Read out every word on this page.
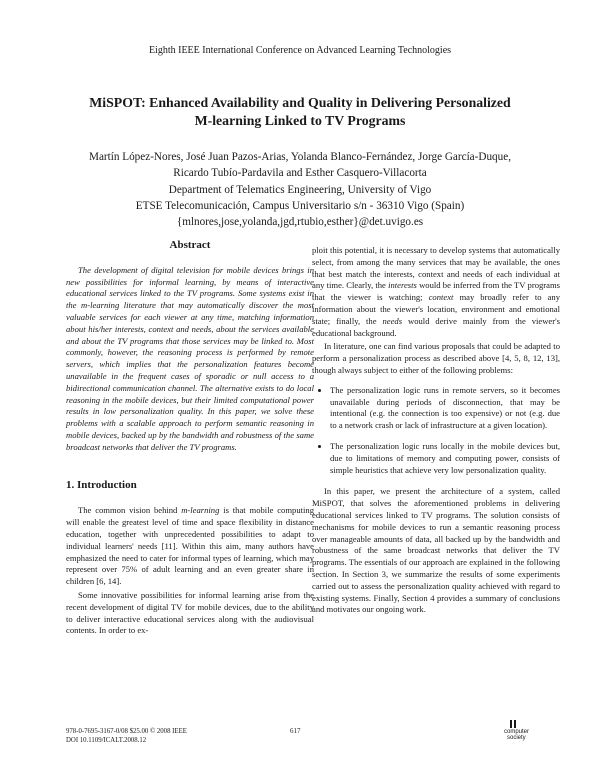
Eighth IEEE International Conference on Advanced Learning Technologies
MiSPOT: Enhanced Availability and Quality in Delivering Personalized
M-learning Linked to TV Programs
Martín López-Nores, José Juan Pazos-Arias, Yolanda Blanco-Fernández, Jorge García-Duque,
Ricardo Tubío-Pardavila and Esther Casquero-Villacorta
Department of Telematics Engineering, University of Vigo
ETSE Telecomunicación, Campus Universitario s/n - 36310 Vigo (Spain)
{mlnores,jose,yolanda,jgd,rtubio,esther}@det.uvigo.es
Abstract

The development of digital television for mobile devices brings in new possibilities for informal learning, by means of interactive educational services linked to the TV programs. Some systems exist in the m-learning literature that may automatically discover the most valuable services for each viewer at any time, matching information about his/her interests, context and needs, about the services available and about the TV programs that those services may be linked to. Most commonly, however, the reasoning process is performed by remote servers, which implies that the personalization features become unavailable in the frequent cases of sporadic or null access to a bidirectional communication channel. The alternative exists to do local reasoning in the mobile devices, but their limited computational power results in low personalization quality. In this paper, we solve these problems with a scalable approach to perform semantic reasoning in mobile devices, backed up by the bandwidth and robustness of the same broadcast networks that deliver the TV programs.

1. Introduction

The common vision behind m-learning is that mobile computing will enable the greatest level of time and space flexibility in distance education, together with unprecedented possibilities to adapt to individual learners' needs [11]. Within this aim, many authors have emphasized the need to cater for informal types of learning, which may represent over 75% of adult learning and an even greater share in children [6, 14].

Some innovative possibilities for informal learning arise from the recent development of digital TV for mobile devices, due to the ability to deliver interactive educational services along with the audiovisual contents. In order to ex-

ploit this potential, it is necessary to develop systems that automatically select, from among the many services that may be available, the ones that best match the interests, context and needs of each individual at any time. Clearly, the interests would be inferred from the TV programs that the viewer is watching; context may broadly refer to any information about the viewer's location, environment and emotional state; finally, the needs would derive mainly from the viewer's educational background.

In literature, one can find various proposals that could be adapted to perform a personalization process as described above [4, 5, 8, 12, 13], though always subject to either of the following problems:

• The personalization logic runs in remote servers, so it becomes unavailable during periods of disconnection, that may be intentional (e.g. the connection is too expensive) or not (e.g. due to a network crash or lack of infrastructure at a given location).
• The personalization logic runs locally in the mobile devices but, due to limitations of memory and computing power, consists of simple heuristics that achieve very low personalization quality.

In this paper, we present the architecture of a system, called MiSPOT, that solves the aforementioned problems in delivering educational services linked to TV programs. The solution consists of mechanisms for mobile devices to run a semantic reasoning process over manageable amounts of data, all backed up by the bandwidth and robustness of the same broadcast networks that deliver the TV programs. The essentials of our approach are explained in the following section. In Section 3, we summarize the results of some experiments carried out to assess the personalization quality achieved with regard to existing systems. Finally, Section 4 provides a summary of conclusions and motivates our ongoing work.

978-0-7695-3167-0/08 $25.00 © 2008 IEEE
DOI 10.1109/ICALT.2008.12
617	computer
society
